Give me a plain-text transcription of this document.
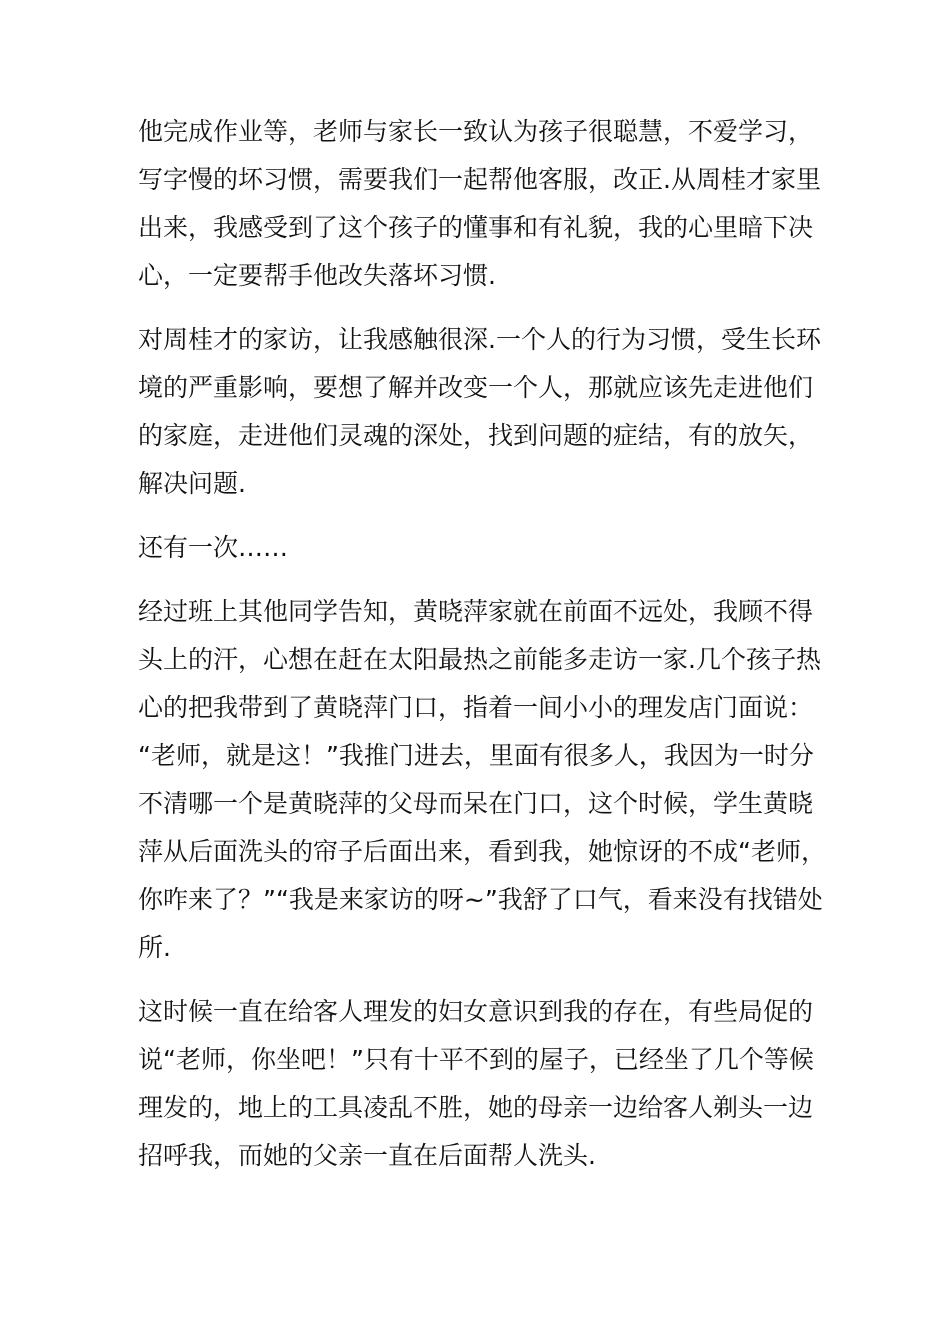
他完成作业等，老师与家长一致认为孩子很聪慧，不爱学习，
写字慢的坏习惯，需要我们一起帮他客服，改正.从周桂才家里
出来，我感受到了这个孩子的懂事和有礼貌，我的心里暗下决
心，一定要帮手他改失落坏习惯.

对周桂才的家访，让我感触很深.一个人的行为习惯，受生长环
境的严重影响，要想了解并改变一个人，那就应该先走进他们
的家庭，走进他们灵魂的深处，找到问题的症结，有的放矢，
解决问题.

还有一次……

经过班上其他同学告知，黄晓萍家就在前面不远处，我顾不得
头上的汗，心想在赶在太阳最热之前能多走访一家.几个孩子热
心的把我带到了黄晓萍门口，指着一间小小的理发店门面说：
“老师，就是这！”我推门进去，里面有很多人，我因为一时分
不清哪一个是黄晓萍的父母而呆在门口，这个时候，学生黄晓
萍从后面洗头的帘子后面出来，看到我，她惊讶的不成“老师，
你咋来了？”“我是来家访的呀~”我舒了口气，看来没有找错处
所.

这时候一直在给客人理发的妇女意识到我的存在，有些局促的
说“老师，你坐吧！”只有十平不到的屋子，已经坐了几个等候
理发的，地上的工具凌乱不胜，她的母亲一边给客人剃头一边
招呼我，而她的父亲一直在后面帮人洗头.
